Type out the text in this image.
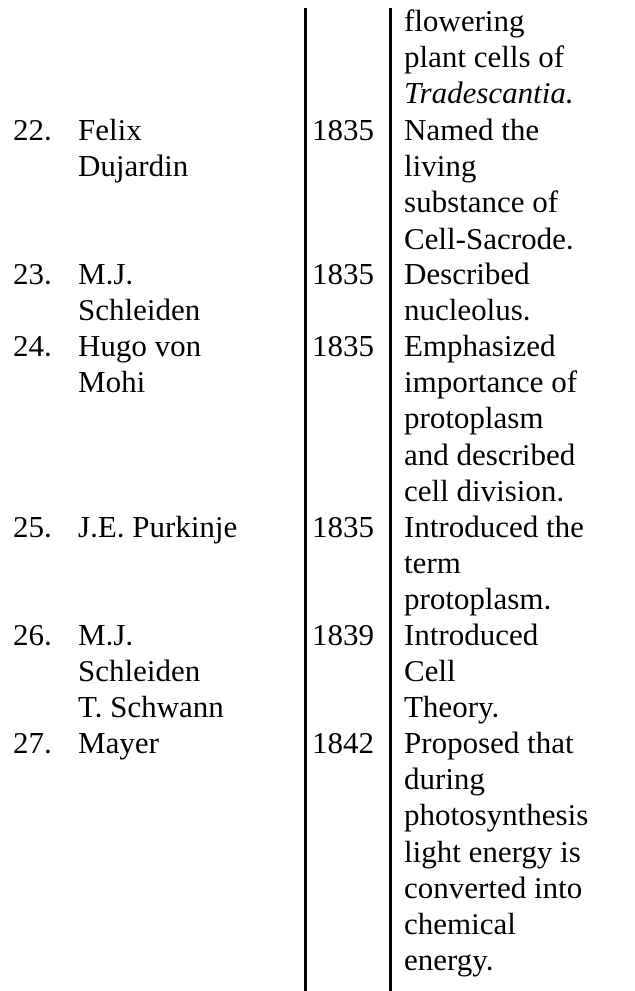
flowering
plant cells of
Tradescantia.
22. Felix
Dujardin
1835 Named the
living
substance of
Cell-Sacrode.
23. M.J.
Schleiden
1835 Described
nucleolus.
24. Hugo von
Mohi
1835 Emphasized
importance of
protoplasm
and described
cell division.
25. J.E. Purkinje	1835 Introduced the
term
protoplasm.
26. M.J.
Schleiden
T. Schwann
1839 Introduced
Cell
Theory.
27. Mayer	1842 Proposed that
during
photosynthesis
light energy is
converted into
chemical
energy.
